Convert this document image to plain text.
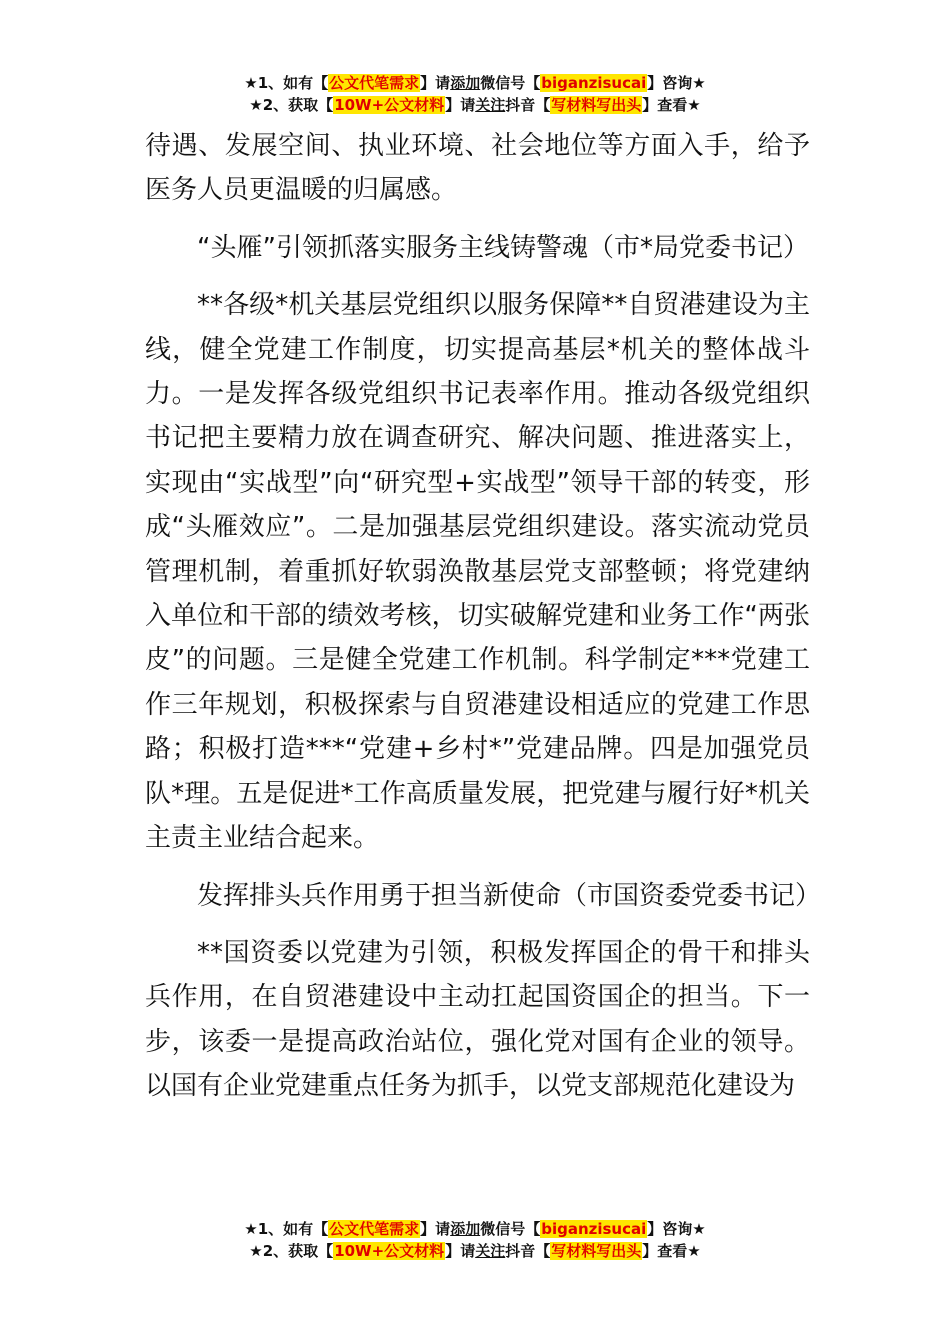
★1、如有【公文代笔需求】请添加微信号【biganzisucai】咨询★
★2、获取【10W+公文材料】请关注抖音【写材料写出头】查看★

待遇、发展空间、执业环境、社会地位等方面入手，给予医务人员更温暖的归属感。

“头雁”引领抓落实服务主线铸警魂（市*局党委书记）

**各级*机关基层党组织以服务保障**自贸港建设为主线，健全党建工作制度，切实提高基层*机关的整体战斗力。一是发挥各级党组织书记表率作用。推动各级党组织书记把主要精力放在调查研究、解决问题、推进落实上，实现由“实战型”向“研究型+实战型”领导干部的转变，形成“头雁效应”。二是加强基层党组织建设。落实流动党员管理机制，着重抓好软弱涣散基层党支部整顿；将党建纳入单位和干部的绩效考核，切实破解党建和业务工作“两张皮”的问题。三是健全党建工作机制。科学制定***党建工作三年规划，积极探索与自贸港建设相适应的党建工作思路；积极打造***“党建+乡村*”党建品牌。四是加强党员队*理。五是促进*工作高质量发展，把党建与履行好*机关主责主业结合起来。

发挥排头兵作用勇于担当新使命（市国资委党委书记）

**国资委以党建为引领，积极发挥国企的骨干和排头兵作用，在自贸港建设中主动扛起国资国企的担当。下一步，该委一是提高政治站位，强化党对国有企业的领导。以国有企业党建重点任务为抓手，以党支部规范化建设为

★1、如有【公文代笔需求】请添加微信号【biganzisucai】咨询★
★2、获取【10W+公文材料】请关注抖音【写材料写出头】查看★
